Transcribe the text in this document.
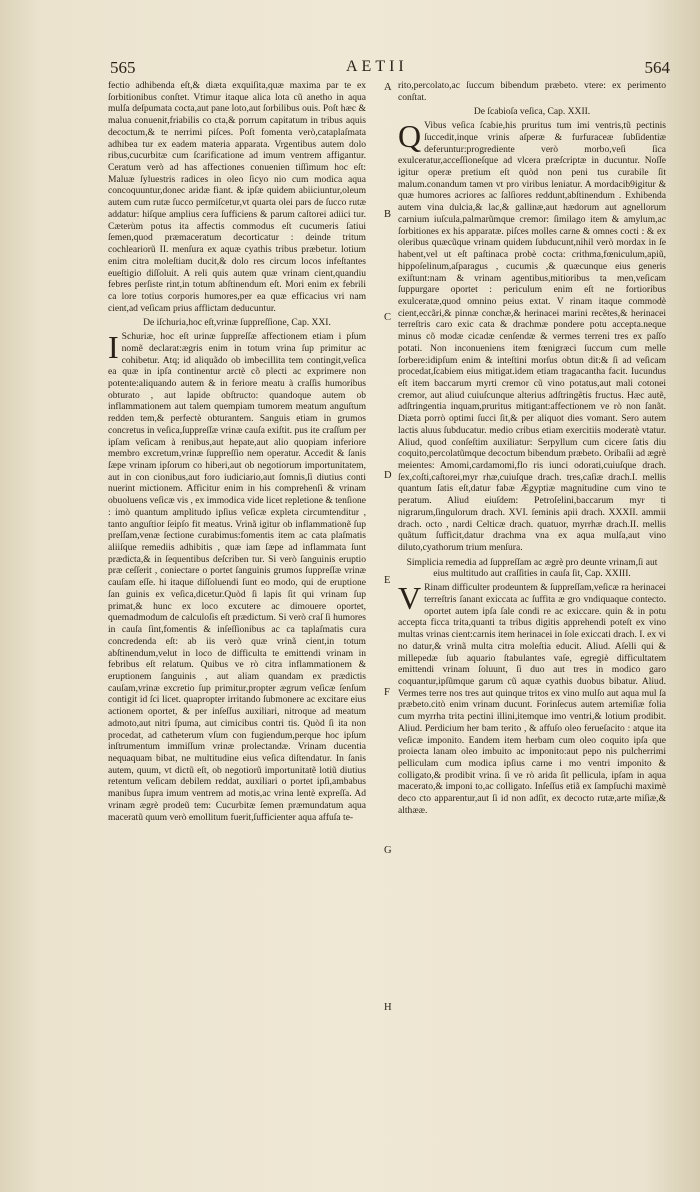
565	AETII	564
A
B
C
D
E
F
G
H

fectio adhibenda eſt,& diæta exquiſita,quæ maxima par te ex ſorbitionibus conſtet. Vtimur itaque alica lota cũ anetho in aqua mulſa deſpumata cocta,aut pane loto,aut ſorbilibus ouis. Poſt hæc & malua conuenit,friabilis co cta,& porrum capitatum in tribus aquis decoctum,& te nerrimi piſces. Poſt fomenta verò,cataplaſmata adhibea tur ex eadem materia apparata. Vrgentibus autem dolo ribus,cucurbitæ cum ſcarificatione ad imum ventrem affigantur. Ceratum verò ad has affectiones conuenien tiſſimum hoc eſt: Maluæ ſyluestris radices in oleo ſicyo nio cum modica aqua concoquuntur,donec aridæ fiant. & ipſæ quidem abiiciuntur,oleum autem cum rutæ ſucco permiſcetur,vt quarta olei pars de ſucco rutæ addatur: hiſque amplius cera ſufficiens & parum caſtorei adiici tur. Cæterùm potus ita affectis commodus eſt cucumeris ſatiui ſemen,quod præmaceratum decorticatur : deinde tritum cochleariorũ II. menſura ex aquæ cyathis tribus præbetur. lotium enim citra moleſtiam ducit,& dolo res circum locos infeſtantes eueſtigio diſſoluit. A reli quis autem quæ vrinam cient,quandiu febres perſiste rint,in totum abſtinendum eſt. Mori enim ex febrili ca lore totius corporis humores,per ea quæ efficacius vri nam cient,ad veſicam prius afflictam deducuntur.

De iſchuria,hoc eſt,vrinæ ſuppreſſione, Cap. XXI.

I Schuriæ, hoc eſt urinæ ſuppreſſæ affectionem etiam i pſum nomẽ declarat:ægris enim in totum vrina ſup primitur ac cohibetur. Atq; id aliquãdo ob imbecillita tem contingit,veſica ea quæ in ipſa continentur arctè cõ plecti ac exprimere non potente:aliquando autem & in feriore meatu à craſſis humoribus obturato , aut lapide obſtructo: quandoque autem ob inflammationem aut talem quempiam tumorem meatum anguſtum redden tem,& perfectè obturantem. Sanguis etiam in grumos concretus in veſica,ſuppreſſæ vrinæ cauſa exiſtit. pus ite craſſum per ipſam veſicam à renibus,aut hepate,aut alio quopiam inferiore membro excretum,vrinæ ſuppreſſio nem operatur. Accedit & ſanis ſæpe vrinam ipſorum co hiberi,aut ob negotiorum importunitatem, aut in con cionibus,aut foro iudiciario,aut ſomnis,ſi diutius conti nuerint mictionem. Afficitur enim in his comprehenſi & vrinam obuoluens veſicæ vis , ex immodica vide licet repletione & tenſione : imò quantum amplitudo ipſius veſicæ expleta circumtenditur , tanto anguſtior ſeipſo fit meatus. Vrinã igitur ob inflammationẽ ſup preſſam,venæ ſectione curabimus:fomentis item ac cata plaſmatis aliiſque remediis adhibitis , quæ iam ſæpe ad inflammata ſunt prædicta,& in ſequentibus deſcriben tur. Si verò ſanguinis eruptio præ ceſſerit , coniectare o portet ſanguinis grumos ſuppreſſæ vrinæ cauſam eſſe. hi itaque diſſoluendi ſunt eo modo, qui de eruptione ſan guinis ex veſica,dicetur.Quòd ſi lapis ſit qui vrinam ſup primat,& hunc ex loco excutere ac dimouere oportet, quemadmodum de calculoſis eſt prædictum. Si verò craſ ſi humores in cauſa ſint,fomentis & inſeſſionibus ac ca taplaſmatis cura concredenda eſt: ab iis verò quæ vrinã cient,in totum abſtinendum,velut in loco de difficulta te emittendi vrinam in febribus eſt relatum. Quibus ve rò citra inflammationem & eruptionem ſanguinis , aut aliam quandam ex prædictis cauſam,vrinæ excretio ſup primitur,propter ægrum veſicæ ſenſum contigit id ſci licet. quapropter irritando ſubmonere ac excitare eius actionem oportet, & per inſeſſus auxiliari, nitroque ad meatum admoto,aut nitri ſpuma, aut cimicibus contri tis. Quòd ſi ita non procedat, ad catheterum vſum con fugiendum,perque hoc ipſum inſtrumentum immiſſum vrinæ prolectandæ. Vrinam ducentia nequaquam bibat, ne multitudine eius veſica diſtendatur. In ſanis autem, quum, vt dictũ eſt, ob negotiorũ importunitatẽ lotiũ diutius retentum veſicam debilem reddat, auxiliari o portet ipſi,ambabus manibus ſupra imum ventrem ad motis,ac vrina lentè expreſſa. Ad vrinam ægrè prodeũ tem: Cucurbitæ ſemen præmundatum aqua maceratũ quum verò emollitum fuerit,ſufficienter aqua affuſa te-

rito,percolato,ac ſuccum bibendum præbeto. vtere: ex perimento conſtat.

De ſcabioſa veſica, Cap. XXII.

Q Vibus veſica ſcabie,his pruritus tum imi ventris,tũ pectinis ſuccedit,inque vrinis aſperæ & furfuraceæ ſubſidentiæ deferuntur:progrediente verò morbo,veſi ſica exulceratur,acceſſioneſque ad vlcera præſcriptæ in ducuntur. Noſſe igitur operæ pretium eſt quòd non peni tus curabile ſit malum.conandum tamen vt pro viribus leniatur. A mordacib9igitur & quæ humores acriores ac ſalſiores reddunt,abſtinendum . Exhibenda autem vina dulcia,& lac,& gallinæ,aut hædorum aut agnellorum carnium iuſcula,palmarũmque cremor: ſimilago item & amylum,ac ſorbitiones ex his apparatæ. piſces molles carne & omnes cocti : & ex oleribus quæcũque vrinam quidem ſubducunt,nihil verò mordax in ſe habent,vel ut eſt paſtinaca probè cocta: crithma,fœniculum,apiũ, hippoſelinum,aſparagus , cucumis ,& quæcunque eius generis exiſtunt:nam & vrinam agentibus,mitioribus ta men,veſicam ſuppurgare oportet : periculum enim eſt ne fortioribus exulceratæ,quod omnino peius extat. V rinam itaque commodè cient,eccãri,& pinnæ conchæ,& herinacei marini recẽtes,& herinacei terreſtris caro exic cata & drachmæ pondere potu accepta.neque minus cõ modæ cicadæ cenſendæ & vermes terreni tres ex paſſo potati. Non inconueniens item fœnigræci ſuccum cum melle ſorbere:idipſum enim & inteſtini morſus obtun dit:& ſi ad veſicam procedat,ſcabiem eius mitigat.idem etiam tragacantha facit. Iucundus eſt item baccarum myrti cremor cũ vino potatus,aut mali cotonei cremor, aut aliud cuiuſcunque alterius adſtringẽtis fructus. Hæc autẽ, adſtringentia inquam,pruritus mitigant:affectionem ve rò non ſanãt. Diæta porrò optimi ſucci ſit,& per aliquot dies vomant. Sero autem lactis aluus ſubducatur. medio cribus etiam exercitiis moderatè vtatur. Aliud, quod conſeſtim auxiliatur: Serpyllum cum cicere ſatis diu coquito,percolatũmque decoctum bibendum præbeto. Oribaſii ad ægrè meientes: Amomi,cardamomi,flo ris iunci odorati,cuiuſque drach. ſex,coſti,caſtorei,myr rhæ,cuiuſque drach. tres,caſiæ drach.I. mellis quantum ſatis eſt,datur fabæ Ægyptiæ magnitudine cum vino te peratum. Aliud eiuſdem: Petroſelini,baccarum myr ti nigrarum,ſingulorum drach. XVI. ſeminis apii drach. XXXII. ammii drach. octo , nardi Celticæ drach. quatuor, myrrhæ drach.II. mellis quãtum ſufficit,datur drachma vna ex aqua mulſa,aut vino diluto,cyathorum trium menſura.

Simplicia remedia ad ſuppreſſam ac ægrè pro deunte vrinam,ſi aut eius multitudo aut craſſities in cauſa ſit, Cap. XXIII.

V Rinam difficulter prodeuntem & ſuppreſſam,veſicæ ra herinacei terreſtris ſanant exiccata ac ſuffita æ gro vndiquaque contecto. oportet autem ipſa ſale condi re ac exiccare. quin & in potu accepta ficca trita,quanti ta tribus digitis apprehendi poteſt ex vino multas vrinas cient:carnis item herinacei in ſole exiccati drach. I. ex vi no datur,& vrinã multa citra moleſtia educit. Aliud. Aſelli qui & millepedæ ſub aquario ſtabulantes vaſe, egregiè difficultatem emittendi vrinam ſoluunt, ſi duo aut tres in modico garo coquantur,ipſũmque garum cũ aquæ cyathis duobus bibatur. Aliud. Vermes terre nos tres aut quinque tritos ex vino mulſo aut aqua mul ſa præbeto.citò enim vrinam ducunt. Forinſecus autem artemiſiæ folia cum myrrha trita pectini illini,itemque imo ventri,& lotium prodibit. Aliud. Perdicium her bam terito , & affuſo oleo ferueſacito : atque ita veſicæ imponito. Eandem item herbam cum oleo coquito ipſa que proiecta lanam oleo imbuito ac imponito:aut pepo nis pulcherrimi pelliculam cum modica ipſius carne i mo ventri imponito & colligato,& prodibit vrina. ſi ve rò arida ſit pellicula, ipſam in aqua macerato,& imponi to,ac colligato. Inſeſſus etiã ex ſampſuchi maximè deco cto apparentur,aut ſi id non adſit, ex decocto rutæ,arte miſiæ,& althææ.
